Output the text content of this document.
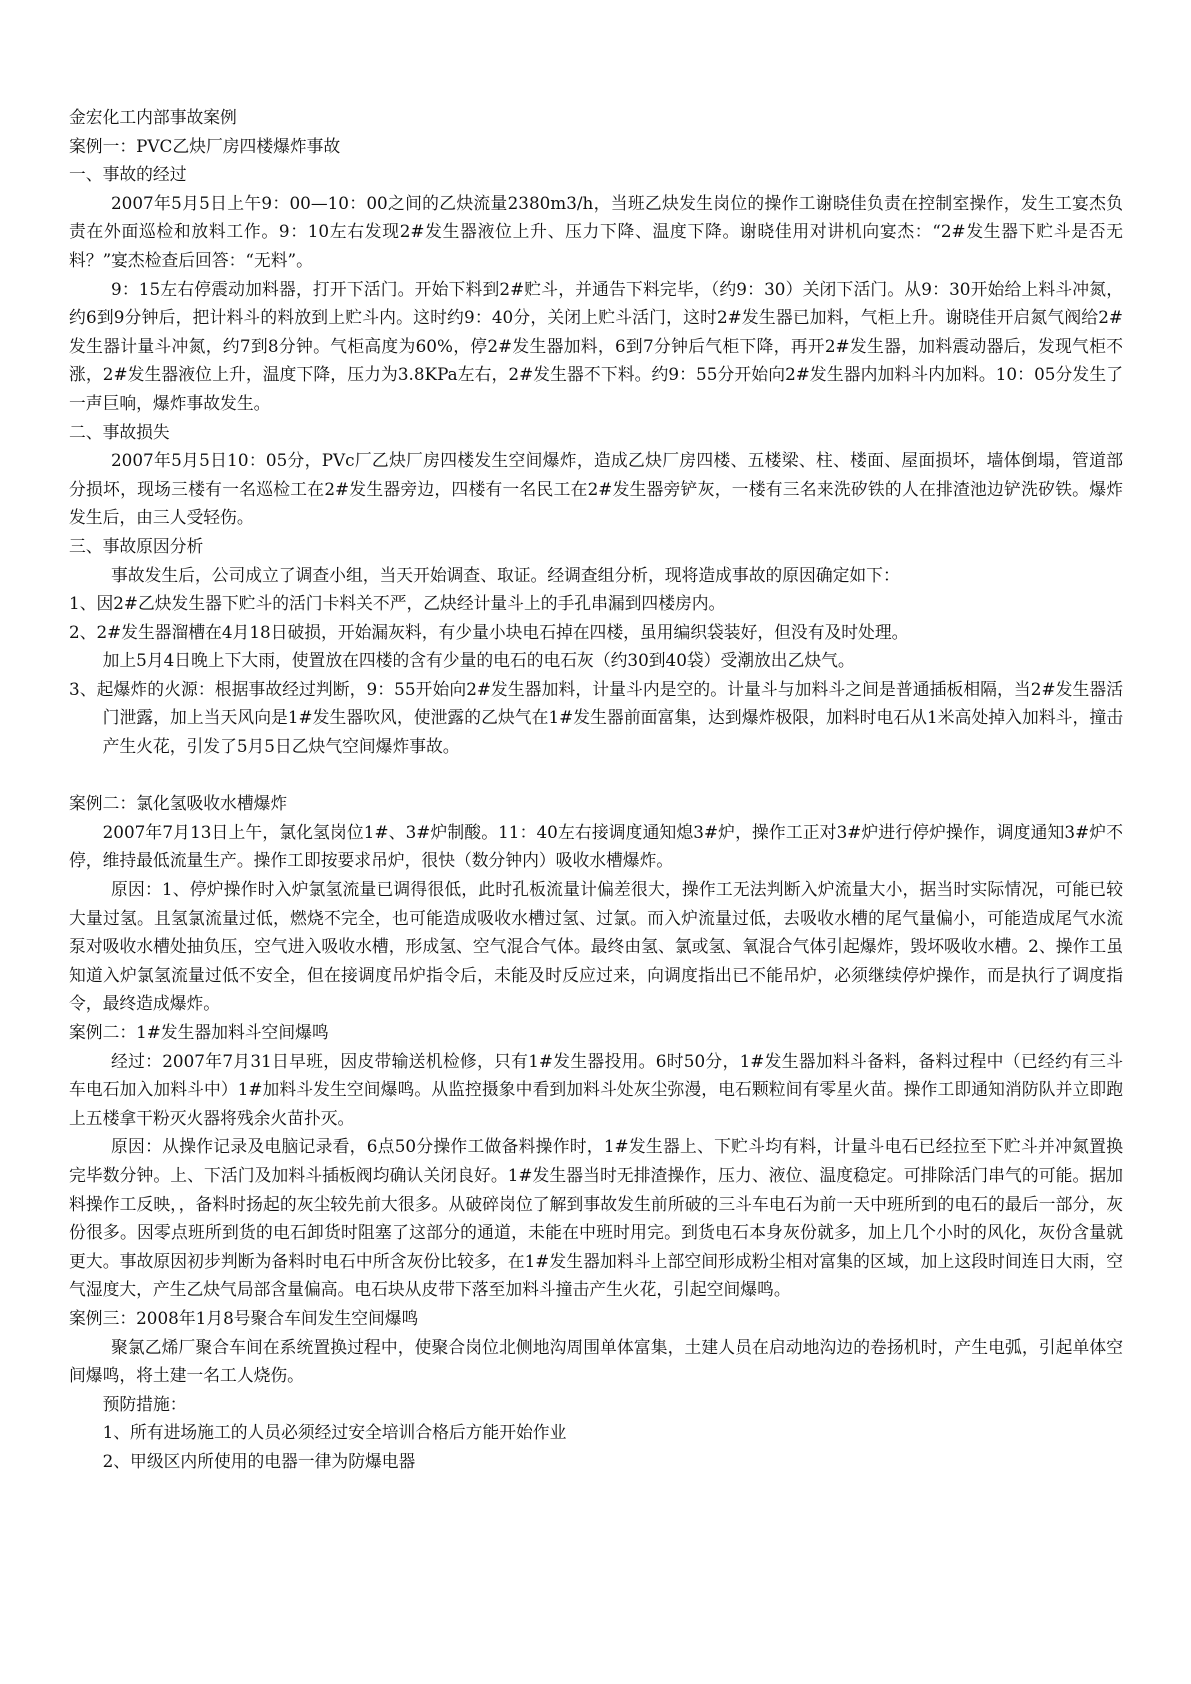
金宏化工内部事故案例

案例一：PVC乙炔厂房四楼爆炸事故

一、事故的经过

2007年5月5日上午9：00—10：00之间的乙炔流量2380m3/h，当班乙炔发生岗位的操作工谢晓佳负责在控制室操作，发生工宴杰负责在外面巡检和放料工作。9：10左右发现2#发生器液位上升、压力下降、温度下降。谢晓佳用对讲机向宴杰：“2#发生器下贮斗是否无料？”宴杰检查后回答：“无料”。

9：15左右停震动加料器，打开下活门。开始下料到2#贮斗，并通告下料完毕，（约9：30）关闭下活门。从9：30开始给上料斗冲氮，约6到9分钟后，把计料斗的料放到上贮斗内。这时约9：40分，关闭上贮斗活门，这时2#发生器已加料，气柜上升。谢晓佳开启氮气阀给2#发生器计量斗冲氮，约7到8分钟。气柜高度为60%，停2#发生器加料，6到7分钟后气柜下降，再开2#发生器，加料震动器后，发现气柜不涨，2#发生器液位上升，温度下降，压力为3.8KPa左右，2#发生器不下料。约9：55分开始向2#发生器内加料斗内加料。10：05分发生了一声巨响，爆炸事故发生。

二、事故损失

2007年5月5日10：05分，PVc厂乙炔厂房四楼发生空间爆炸，造成乙炔厂房四楼、五楼梁、柱、楼面、屋面损坏，墙体倒塌，管道部分损坏，现场三楼有一名巡检工在2#发生器旁边，四楼有一名民工在2#发生器旁铲灰，一楼有三名来洗矽铁的人在排渣池边铲洗矽铁。爆炸发生后，由三人受轻伤。

三、事故原因分析

事故发生后，公司成立了调查小组，当天开始调查、取证。经调查组分析，现将造成事故的原因确定如下：

1、因2#乙炔发生器下贮斗的活门卡料关不严，乙炔经计量斗上的手孔串漏到四楼房内。

2、2#发生器溜槽在4月18日破损，开始漏灰料，有少量小块电石掉在四楼，虽用编织袋装好，但没有及时处理。

加上5月4日晚上下大雨，使置放在四楼的含有少量的电石的电石灰（约30到40袋）受潮放出乙炔气。

3、起爆炸的火源：根据事故经过判断，9：55开始向2#发生器加料，计量斗内是空的。计量斗与加料斗之间是普通插板相隔，当2#发生器活门泄露，加上当天风向是1#发生器吹风，使泄露的乙炔气在1#发生器前面富集，达到爆炸极限，加料时电石从1米高处掉入加料斗，撞击产生火花，引发了5月5日乙炔气空间爆炸事故。

案例二：氯化氢吸收水槽爆炸

2007年7月13日上午，氯化氢岗位1#、3#炉制酸。11：40左右接调度通知熄3#炉，操作工正对3#炉进行停炉操作，调度通知3#炉不停，维持最低流量生产。操作工即按要求吊炉，很快（数分钟内）吸收水槽爆炸。

原因：1、停炉操作时入炉氯氢流量已调得很低，此时孔板流量计偏差很大，操作工无法判断入炉流量大小，据当时实际情况，可能已较大量过氢。且氢氯流量过低，燃烧不完全，也可能造成吸收水槽过氢、过氯。而入炉流量过低，去吸收水槽的尾气量偏小，可能造成尾气水流泵对吸收水槽处抽负压，空气进入吸收水槽，形成氢、空气混合气体。最终由氢、氯或氢、氧混合气体引起爆炸，毁坏吸收水槽。2、操作工虽知道入炉氯氢流量过低不安全，但在接调度吊炉指令后，未能及时反应过来，向调度指出已不能吊炉，必须继续停炉操作，而是执行了调度指令，最终造成爆炸。

案例二：1#发生器加料斗空间爆鸣

经过：2007年7月31日早班，因皮带输送机检修，只有1#发生器投用。6时50分，1#发生器加料斗备料，备料过程中（已经约有三斗车电石加入加料斗中）1#加料斗发生空间爆鸣。从监控摄象中看到加料斗处灰尘弥漫，电石颗粒间有零星火苗。操作工即通知消防队并立即跑上五楼拿干粉灭火器将残余火苗扑灭。

原因：从操作记录及电脑记录看，6点50分操作工做备料操作时，1#发生器上、下贮斗均有料，计量斗电石已经拉至下贮斗并冲氮置换完毕数分钟。上、下活门及加料斗插板阀均确认关闭良好。1#发生器当时无排渣操作，压力、液位、温度稳定。可排除活门串气的可能。据加料操作工反映，，备料时扬起的灰尘较先前大很多。从破碎岗位了解到事故发生前所破的三斗车电石为前一天中班所到的电石的最后一部分，灰份很多。因零点班所到货的电石卸货时阻塞了这部分的通道，未能在中班时用完。到货电石本身灰份就多，加上几个小时的风化，灰份含量就更大。事故原因初步判断为备料时电石中所含灰份比较多，在1#发生器加料斗上部空间形成粉尘相对富集的区域，加上这段时间连日大雨，空气湿度大，产生乙炔气局部含量偏高。电石块从皮带下落至加料斗撞击产生火花，引起空间爆鸣。

案例三：2008年1月8号聚合车间发生空间爆鸣

聚氯乙烯厂聚合车间在系统置换过程中，使聚合岗位北侧地沟周围单体富集，土建人员在启动地沟边的卷扬机时，产生电弧，引起单体空间爆鸣，将土建一名工人烧伤。

预防措施：

1、所有进场施工的人员必须经过安全培训合格后方能开始作业

2、甲级区内所使用的电器一律为防爆电器
